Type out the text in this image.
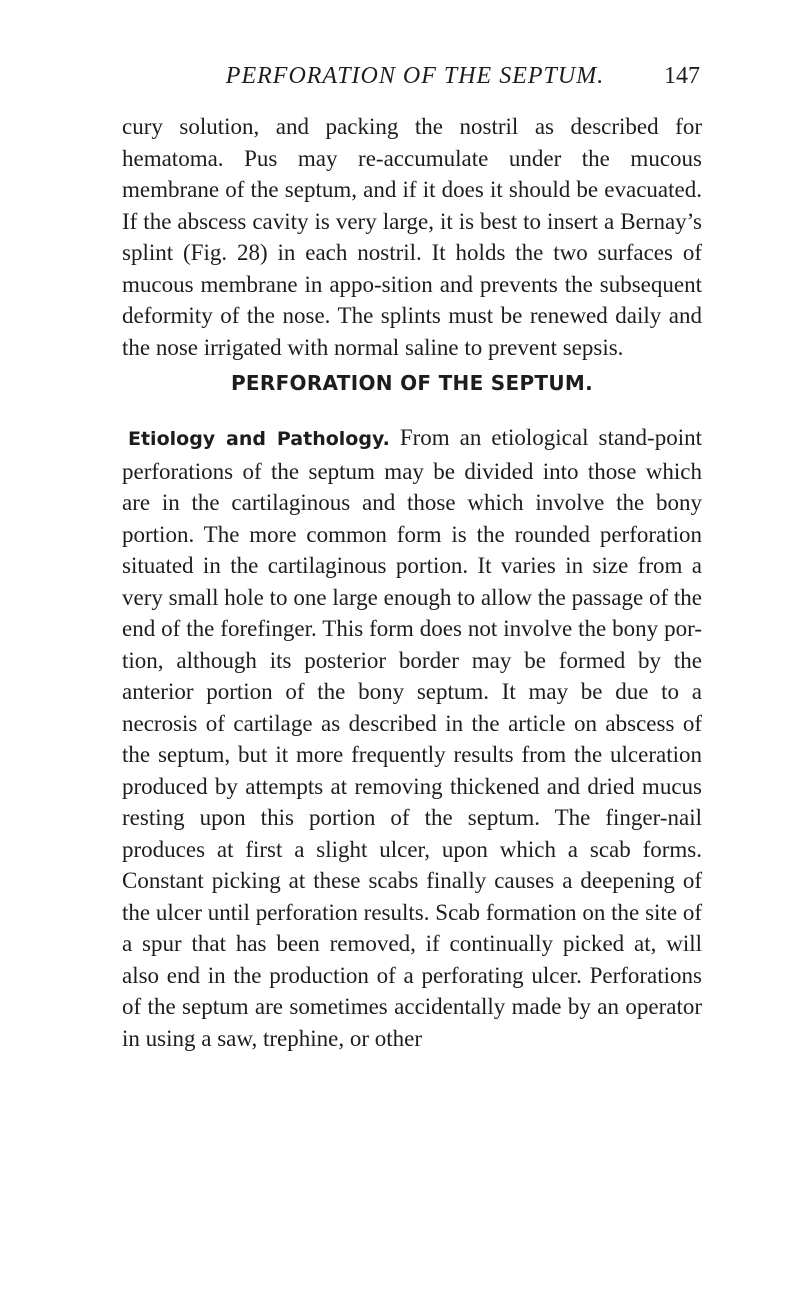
PERFORATION OF THE SEPTUM.	147

cury solution, and packing the nostril as described for hematoma. Pus may re-accumulate under the mucous membrane of the septum, and if it does it should be evacuated. If the abscess cavity is very large, it is best to insert a Bernay’s splint (Fig. 28) in each nostril. It holds the two surfaces of mucous membrane in appo-sition and prevents the subsequent deformity of the nose. The splints must be renewed daily and the nose irrigated with normal saline to prevent sepsis.

PERFORATION OF THE SEPTUM.

Etiology and Pathology. From an etiological stand-point perforations of the septum may be divided into those which are in the cartilaginous and those which involve the bony portion. The more common form is the rounded perforation situated in the cartilaginous portion. It varies in size from a very small hole to one large enough to allow the passage of the end of the forefinger. This form does not involve the bony por-tion, although its posterior border may be formed by the anterior portion of the bony septum. It may be due to a necrosis of cartilage as described in the article on abscess of the septum, but it more frequently results from the ulceration produced by attempts at removing thickened and dried mucus resting upon this portion of the septum. The finger-nail produces at first a slight ulcer, upon which a scab forms. Constant picking at these scabs finally causes a deepening of the ulcer until perforation results. Scab formation on the site of a spur that has been removed, if continually picked at, will also end in the production of a perforating ulcer. Perforations of the septum are sometimes accidentally made by an operator in using a saw, trephine, or other
